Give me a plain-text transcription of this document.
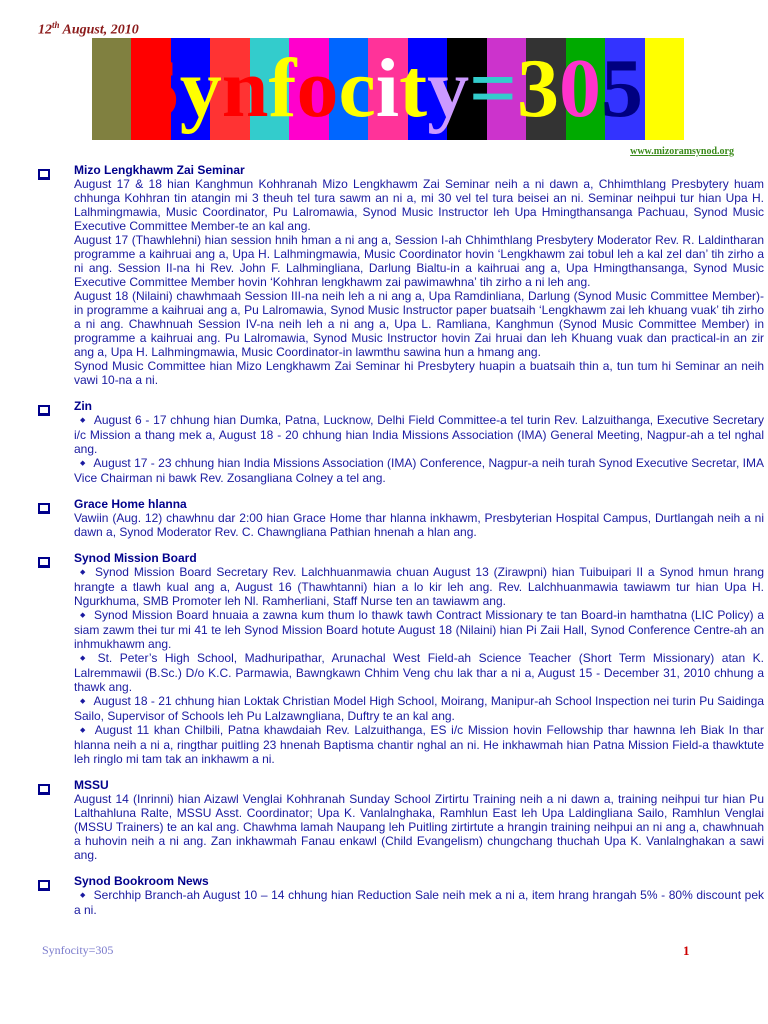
12th August, 2010
S y n f o c i t y = 3 0 5
www.mizoramsynod.org
Mizo Lengkhawm Zai Seminar
August 17 & 18 hian Kanghmun Kohhranah Mizo Lengkhawm Zai Seminar neih a ni dawn a, Chhimthlang Presbytery huam chhunga Kohhran tin atangin mi 3 theuh tel tura sawm an ni a, mi 30 vel tel tura beisei an ni. Seminar neihpui tur hian Upa H. Lalhmingmawia, Music Coordinator, Pu Lalromawia, Synod Music Instructor leh Upa Hmingthansanga Pachuau, Synod Music Executive Committee Member-te an kal ang.
August 17 (Thawhlehni) hian session hnih hman a ni ang a, Session I-ah Chhimthlang Presbytery Moderator Rev. R. Laldintharan programme a kaihruai ang a, Upa H. Lalhmingmawia, Music Coordinator hovin ‘Lengkhawm zai tobul leh a kal zel dan’ tih zirho a ni ang. Session II-na hi Rev. John F. Lalhmingliana, Darlung Bialtu-in a kaihruai ang a, Upa Hmingthansanga, Synod Music Executive Committee Member hovin ‘Kohhran lengkhawm zai pawimawhna’ tih zirho a ni leh ang.
August 18 (Nilaini) chawhmaah Session III-na neih leh a ni ang a, Upa Ramdinliana, Darlung (Synod Music Committee Member)-in programme a kaihruai ang a, Pu Lalromawia, Synod Music Instructor paper buatsaih ‘Lengkhawm zai leh khuang vuak’ tih zirho a ni ang. Chawhnuah Session IV-na neih leh a ni ang a, Upa L. Ramliana, Kanghmun (Synod Music Committee Member) in programme a kaihruai ang. Pu Lalromawia, Synod Music Instructor hovin Zai hruai dan leh Khuang vuak dan practical-in an zir ang a, Upa H. Lalhmingmawia, Music Coordinator-in lawmthu sawina hun a hmang ang.
Synod Music Committee hian Mizo Lengkhawm Zai Seminar hi Presbytery huapin a buatsaih thin a, tun tum hi Seminar an neih vawi 10-na a ni.
Zin
◆ August 6 - 17 chhung hian Dumka, Patna, Lucknow, Delhi Field Committee-a tel turin Rev. Lalzuithanga, Executive Secretary i/c Mission a thang mek a, August 18 - 20 chhung hian India Missions Association (IMA) General Meeting, Nagpur-ah a tel nghal ang.
◆ August 17 - 23 chhung hian India Missions Association (IMA) Conference, Nagpur-a neih turah Synod Executive Secretar, IMA Vice Chairman ni bawk Rev. Zosangliana Colney a tel ang.
Grace Home hlanna
Vawiin (Aug. 12) chawhnu dar 2:00 hian Grace Home thar hlanna inkhawm, Presbyterian Hospital Campus, Durtlangah neih a ni dawn a, Synod Moderator Rev. C. Chawngliana Pathian hnenah a hlan ang.
Synod Mission Board
◆ Synod Mission Board Secretary Rev. Lalchhuanmawia chuan August 13 (Zirawpni) hian Tuibuipari II a Synod hmun hrang hrangte a tlawh kual ang a, August 16 (Thawhtanni) hian a lo kir leh ang. Rev. Lalchhuanmawia tawiawm tur hian Upa H. Ngurkhuma, SMB Promoter leh Nl. Ramherliani, Staff Nurse ten an tawiawm ang.
◆ Synod Mission Board hnuaia a zawna kum thum lo thawk tawh Contract Missionary te tan Board-in hamthatna (LIC Policy) a siam zawm thei tur mi 41 te leh Synod Mission Board hotute August 18 (Nilaini) hian Pi Zaii Hall, Synod Conference Centre-ah an inhmukhawm ang.
◆ St. Peter’s High School, Madhuripathar, Arunachal West Field-ah Science Teacher (Short Term Missionary) atan K. Lalremmawii (B.Sc.) D/o K.C. Parmawia, Bawngkawn Chhim Veng chu lak thar a ni a, August 15 - December 31, 2010 chhung a thawk ang.
◆ August 18 - 21 chhung hian Loktak Christian Model High School, Moirang, Manipur-ah School Inspection nei turin Pu Saidinga Sailo, Supervisor of Schools leh Pu Lalzawngliana, Duftry te an kal ang.
◆ August 11 khan Chilbili, Patna khawdaiah Rev. Lalzuithanga, ES i/c Mission hovin Fellowship thar hawnna leh Biak In thar hlanna neih a ni a, ringthar puitling 23 hnenah Baptisma chantir nghal an ni. He inkhawmah hian Patna Mission Field-a thawktute leh ringlo mi tam tak an inkhawm a ni.
MSSU
August 14 (Inrinni) hian Aizawl Venglai Kohhranah Sunday School Zirtirtu Training neih a ni dawn a, training neihpui tur hian Pu Lalthahluna Ralte, MSSU Asst. Coordinator; Upa K. Vanlalnghaka, Ramhlun East leh Upa Laldingliana Sailo, Ramhlun Venglai (MSSU Trainers) te an kal ang. Chawhma lamah Naupang leh Puitling zirtirtute a hrangin training neihpui an ni ang a, chawhnuah a huhovin neih a ni ang. Zan inkhawmah Fanau enkawl (Child Evangelism) chungchang thuchah Upa K. Vanlalnghakan a sawi ang.
Synod Bookroom News
◆ Serchhip Branch-ah August 10 – 14 chhung hian Reduction Sale neih mek a ni a, item hrang hrangah 5% - 80% discount pek a ni.
Synfocity=305	1
